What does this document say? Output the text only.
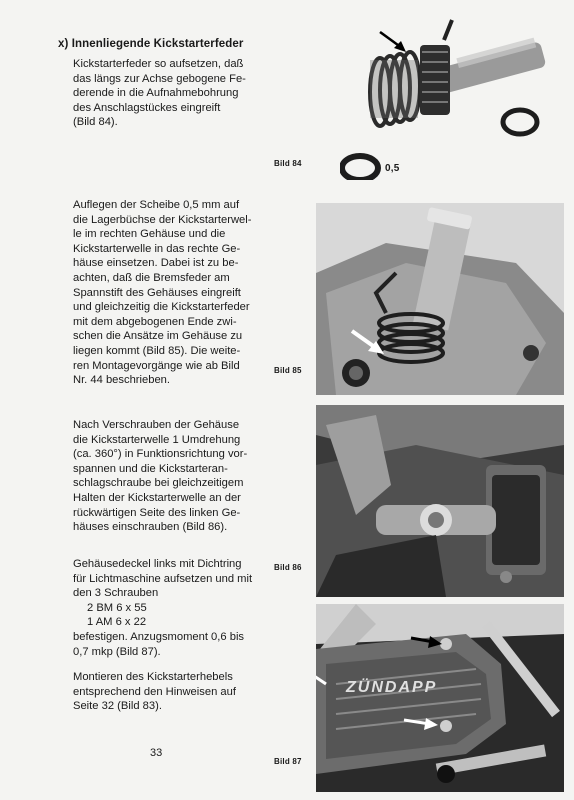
x) Innenliegende Kickstarterfeder
Kickstarterfeder so aufsetzen, daß
das längs zur Achse gebogene Fe-
derende in die Aufnahmebohrung
des Anschlagstückes eingreift
(Bild 84).
Bild 84	0,5
Auflegen der Scheibe 0,5 mm auf
die Lagerbüchse der Kickstarterwel-
le im rechten Gehäuse und die
Kickstarterwelle in das rechte Ge-
häuse einsetzen. Dabei ist zu be-
achten, daß die Bremsfeder am
Spannstift des Gehäuses eingreift
und gleichzeitig die Kickstarterfeder
mit dem abgebogenen Ende zwi-
schen die Ansätze im Gehäuse zu
liegen kommt (Bild 85). Die weite-
ren Montagevorgänge wie ab Bild
Nr. 44 beschrieben.
Bild 85
Nach Verschrauben der Gehäuse
die Kickstarterwelle 1 Umdrehung
(ca. 360°) in Funktionsrichtung vor-
spannen und die Kickstarteran-
schlagschraube bei gleichzeitigem
Halten der Kickstarterwelle an der
rückwärtigen Seite des linken Ge-
häuses einschrauben (Bild 86).
Bild 86
Gehäusedeckel links mit Dichtring
für Lichtmaschine aufsetzen und mit
den 3 Schrauben
2 BM 6 x 55
1 AM 6 x 22
befestigen. Anzugsmoment 0,6 bis
0,7 mkp (Bild 87).
Montieren des Kickstarterhebels
entsprechend den Hinweisen auf
Seite 32 (Bild 83).
ZÜNDAPP
Bild 87
33
